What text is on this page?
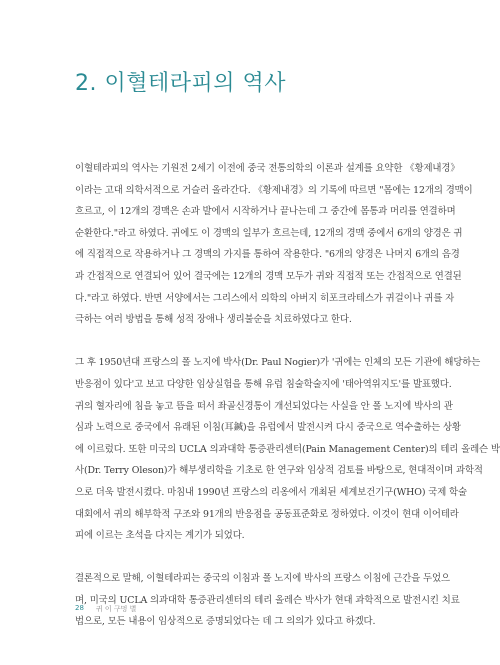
2. 이혈테라피의 역사

이혈테라피의 역사는 기원전 2세기 이전에 중국 전통의학의 이론과 설계를 요약한 《황제내경》

이라는 고대 의학서적으로 거슬러 올라간다. 《황제내경》의 기록에 따르면 "몸에는 12개의 경맥이

흐르고, 이 12개의 경맥은 손과 발에서 시작하거나 끝나는데 그 중간에 몸통과 머리를 연결하며

순환한다."라고 하였다. 귀에도 이 경맥의 일부가 흐르는데, 12개의 경맥 중에서 6개의 양경은 귀

에 직접적으로 작용하거나 그 경맥의 가지를 통하여 작용한다. "6개의 양경은 나머지 6개의 음경

과 간접적으로 연결되어 있어 결국에는 12개의 경맥 모두가 귀와 직접적 또는 간접적으로 연결된

다."라고 하였다. 반면 서양에서는 그리스에서 의학의 아버지 히포크라테스가 귀걸이나 귀를 자

극하는 여러 방법을 통해 성적 장애나 생리불순을 치료하였다고 한다.

그 후 1950년대 프랑스의 폴 노지에 박사(Dr. Paul Nogier)가 '귀에는 인체의 모든 기관에 해당하는

반응점이 있다'고 보고 다양한 임상실험을 통해 유럽 침술학술지에 '태아역위지도'를 발표했다.

귀의 혈자리에 침을 놓고 뜸을 떠서 좌골신경통이 개선되었다는 사실을 안 폴 노지에 박사의 관

심과 노력으로 중국에서 유래된 이침(耳鍼)을 유럽에서 발전시켜 다시 중국으로 역수출하는 상황

에 이르렀다. 또한 미국의 UCLA 의과대학 통증관리센터(Pain Management Center)의 테리 올레슨 박

사(Dr. Terry Oleson)가 해부생리학을 기초로 한 연구와 임상적 검토를 바탕으로, 현대적이며 과학적

으로 더욱 발전시켰다. 마침내 1990년 프랑스의 리옹에서 개최된 세계보건기구(WHO) 국제 학술

대회에서 귀의 해부학적 구조와 91개의 반응점을 공동표준화로 정하였다. 이것이 현대 이어테라

피에 이르는 초석을 다지는 계기가 되었다.

결론적으로 말해, 이혈테라피는 중국의 이침과 폴 노지에 박사의 프랑스 이침에 근간을 두었으

며, 미국의 UCLA 의과대학 통증관리센터의 테리 올레슨 박사가 현대 과학적으로 발전시킨 치료

법으로, 모든 내용이 임상적으로 증명되었다는 데 그 의의가 있다고 하겠다.

28 귀 이 구멍 별
